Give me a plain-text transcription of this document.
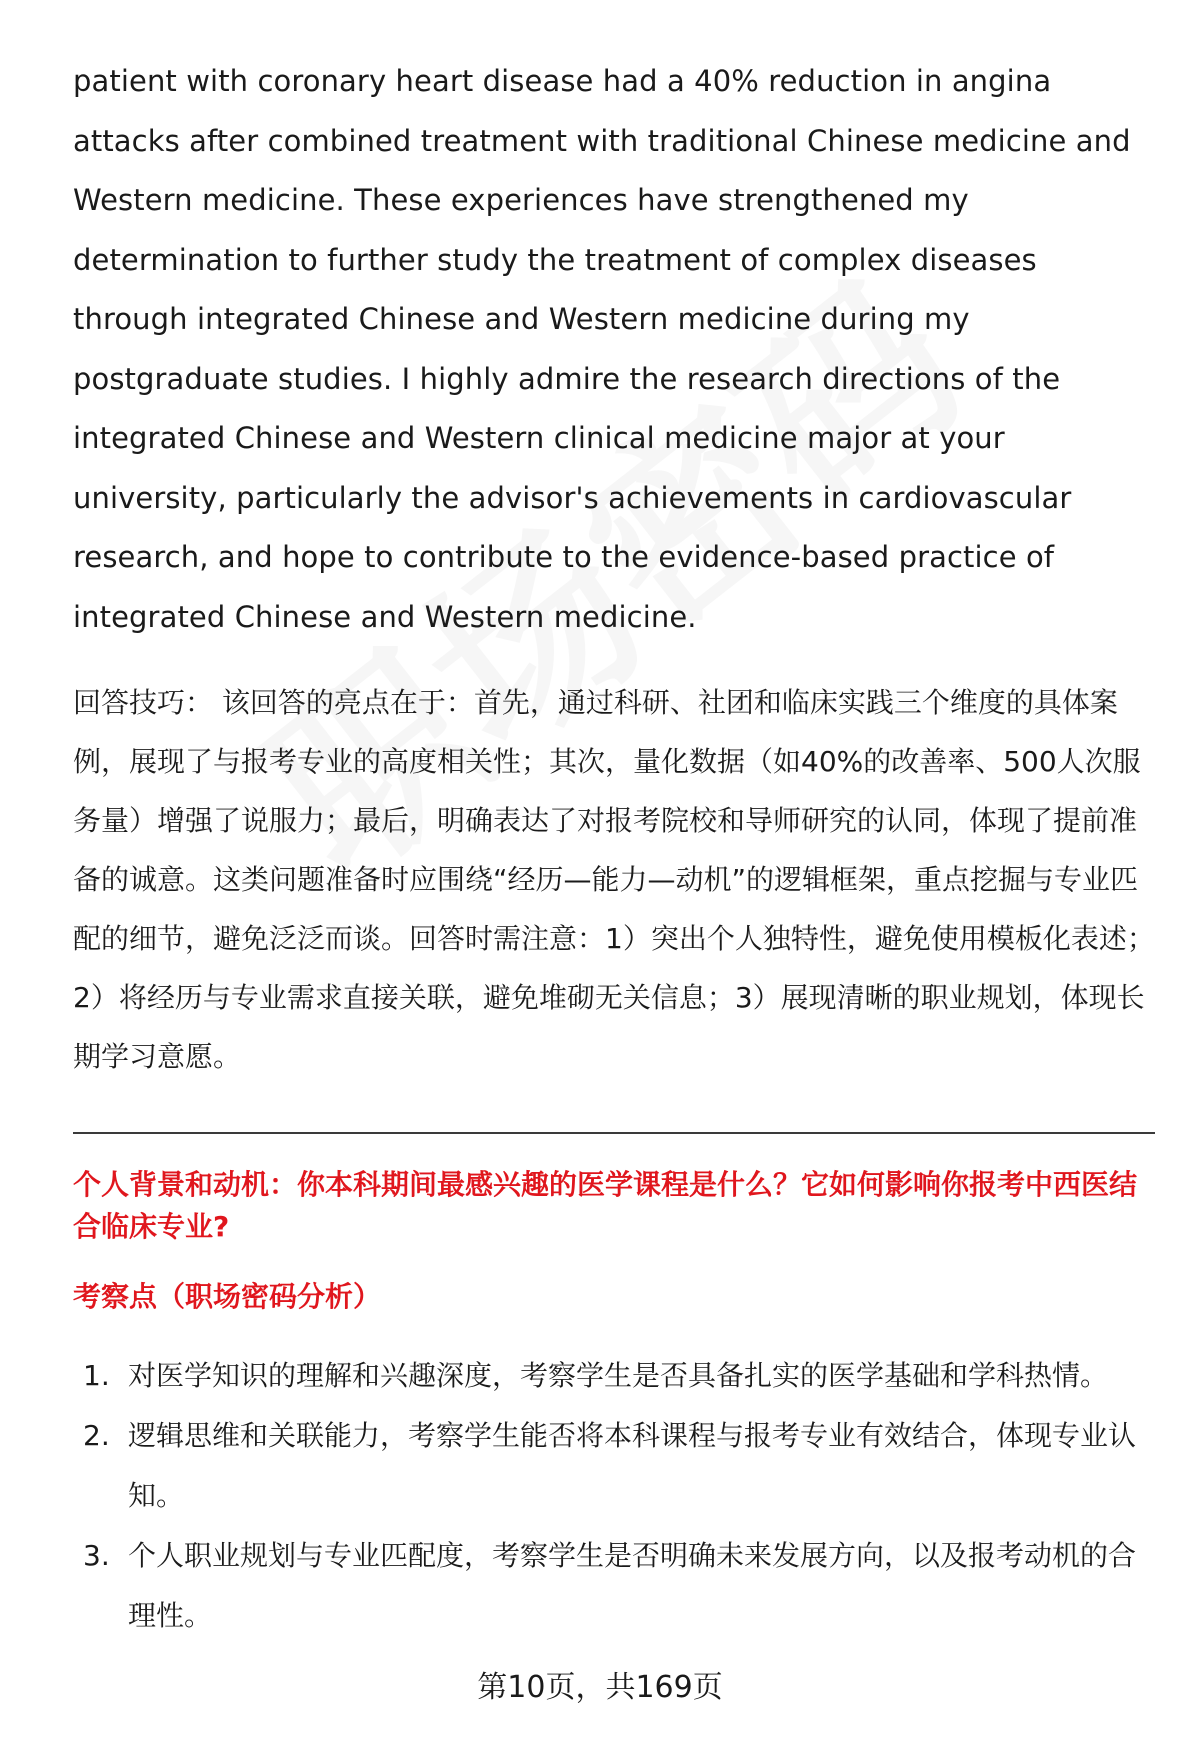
patient with coronary heart disease had a 40% reduction in angina attacks after combined treatment with traditional Chinese medicine and Western medicine. These experiences have strengthened my determination to further study the treatment of complex diseases through integrated Chinese and Western medicine during my postgraduate studies. I highly admire the research directions of the integrated Chinese and Western clinical medicine major at your university, particularly the advisor's achievements in cardiovascular research, and hope to contribute to the evidence-based practice of integrated Chinese and Western medicine.

回答技巧： 该回答的亮点在于：首先，通过科研、社团和临床实践三个维度的具体案例，展现了与报考专业的高度相关性；其次，量化数据（如40%的改善率、500人次服务量）增强了说服力；最后，明确表达了对报考院校和导师研究的认同，体现了提前准备的诚意。这类问题准备时应围绕“经历—能力—动机”的逻辑框架，重点挖掘与专业匹配的细节，避免泛泛而谈。回答时需注意：1）突出个人独特性，避免使用模板化表述；2）将经历与专业需求直接关联，避免堆砌无关信息；3）展现清晰的职业规划，体现长期学习意愿。

个人背景和动机：你本科期间最感兴趣的医学课程是什么？它如何影响你报考中西医结合临床专业?

考察点（职场密码分析）

1. 对医学知识的理解和兴趣深度，考察学生是否具备扎实的医学基础和学科热情。
2. 逻辑思维和关联能力，考察学生能否将本科课程与报考专业有效结合，体现专业认知。
3. 个人职业规划与专业匹配度，考察学生是否明确未来发展方向，以及报考动机的合理性。
第10页，共169页
